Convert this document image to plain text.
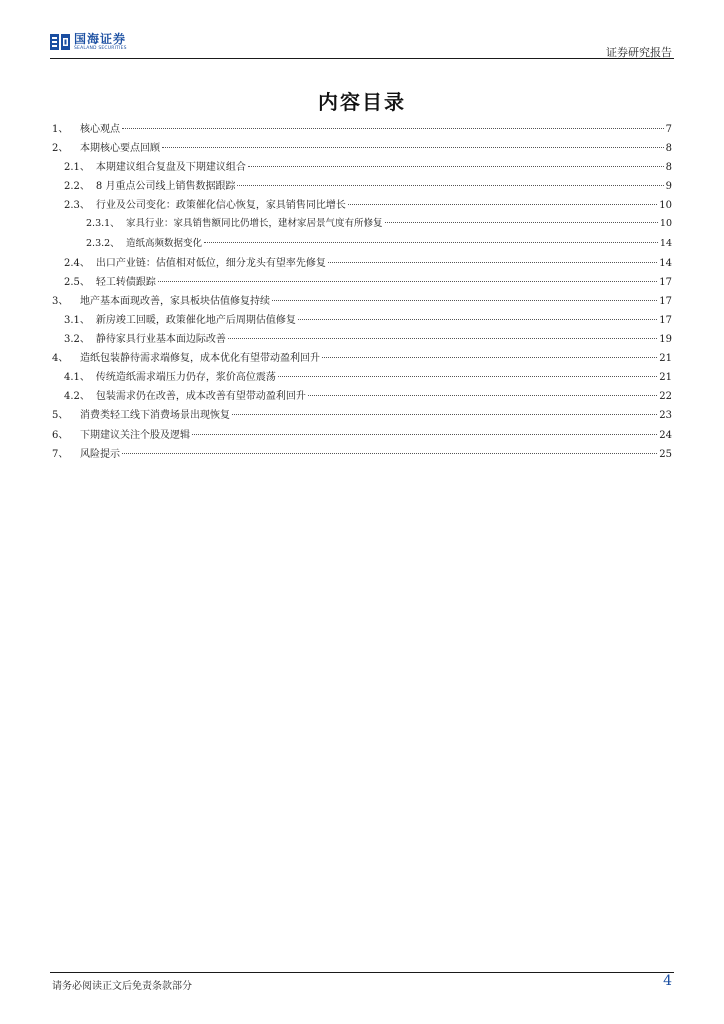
国海证券
SEALAND SECURITIES	证券研究报告
内容目录
1、	核心观点	7
2、	本期核心要点回顾	8
2.1、 本期建议组合复盘及下期建议组合	8
2.2、 8 月重点公司线上销售数据跟踪	9
2.3、 行业及公司变化：政策催化信心恢复，家具销售同比增长	10
2.3.1、 家具行业：家具销售额同比仍增长，建材家居景气度有所修复	10
2.3.2、 造纸高频数据变化	14
2.4、 出口产业链：估值相对低位，细分龙头有望率先修复	14
2.5、 轻工转债跟踪	17
3、	地产基本面现改善，家具板块估值修复持续	17
3.1、 新房竣工回暖，政策催化地产后周期估值修复	17
3.2、 静待家具行业基本面边际改善	19
4、	造纸包装静待需求端修复，成本优化有望带动盈利回升	21
4.1、 传统造纸需求端压力仍存，浆价高位震荡	21
4.2、 包装需求仍在改善，成本改善有望带动盈利回升	22
5、	消费类轻工线下消费场景出现恢复	23
6、	下期建议关注个股及逻辑	24
7、	风险提示	25
请务必阅读正文后免责条款部分	4
